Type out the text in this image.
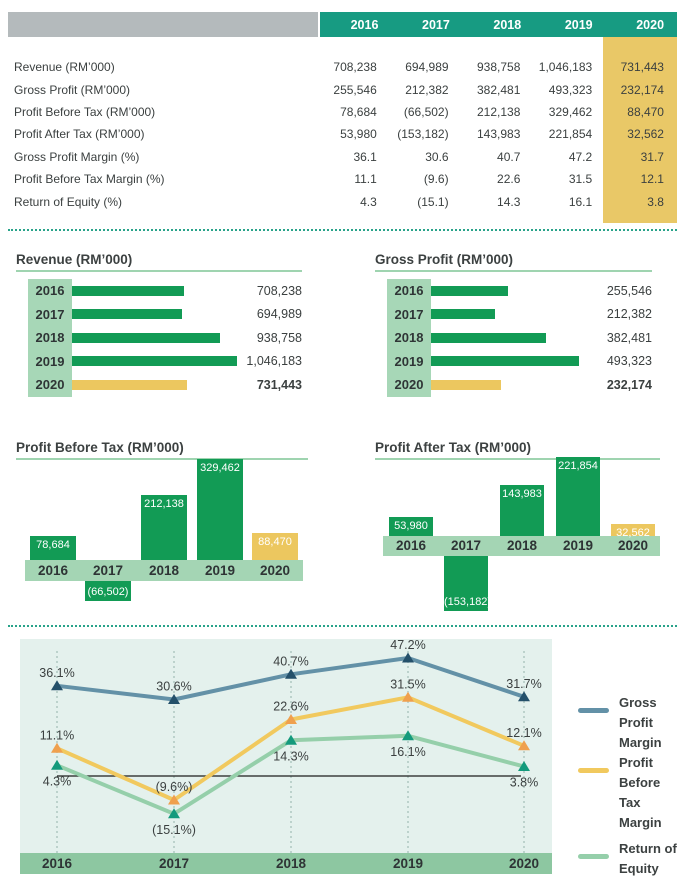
2016	2017	2018	2019	2020
Revenue (RM’000)	708,238	694,989	938,758	1,046,183	731,443
Gross Profit (RM’000)	255,546	212,382	382,481	493,323	232,174
Profit Before Tax (RM’000)	78,684	(66,502)	212,138	329,462	88,470
Profit After Tax (RM’000)	53,980	(153,182)	143,983	221,854	32,562
Gross Profit Margin (%)	36.1	30.6	40.7	47.2	31.7
Profit Before Tax Margin (%)	11.1	(9.6)	22.6	31.5	12.1
Return of Equity (%)	4.3	(15.1)	14.3	16.1	3.8
Revenue (RM’000)
2016	708,238
2017	694,989
2018	938,758
2019	1,046,183
2020	731,443
Gross Profit (RM’000)
2016	255,546
2017	212,382
2018	382,481
2019	493,323
2020	232,174
Profit Before Tax (RM’000)
78,684
2016
(66,502)
2017
212,138
2018
329,462
2019
88,470
2020
Profit After Tax (RM’000)
53,980
2016
(153,182)
2017
143,983
2018
221,854
2019
32,562
2020
36.1%
30.6%
40.7%
47.2%
31.7%
11.1%
(9.6%)
22.6%
31.5%
12.1%
4.3%
(15.1%)
14.3%	16.1%
3.8%
2016	2017	2018	2019	2020
Gross Profit
Margin
Profit Before
Tax Margin
Return of
Equity
